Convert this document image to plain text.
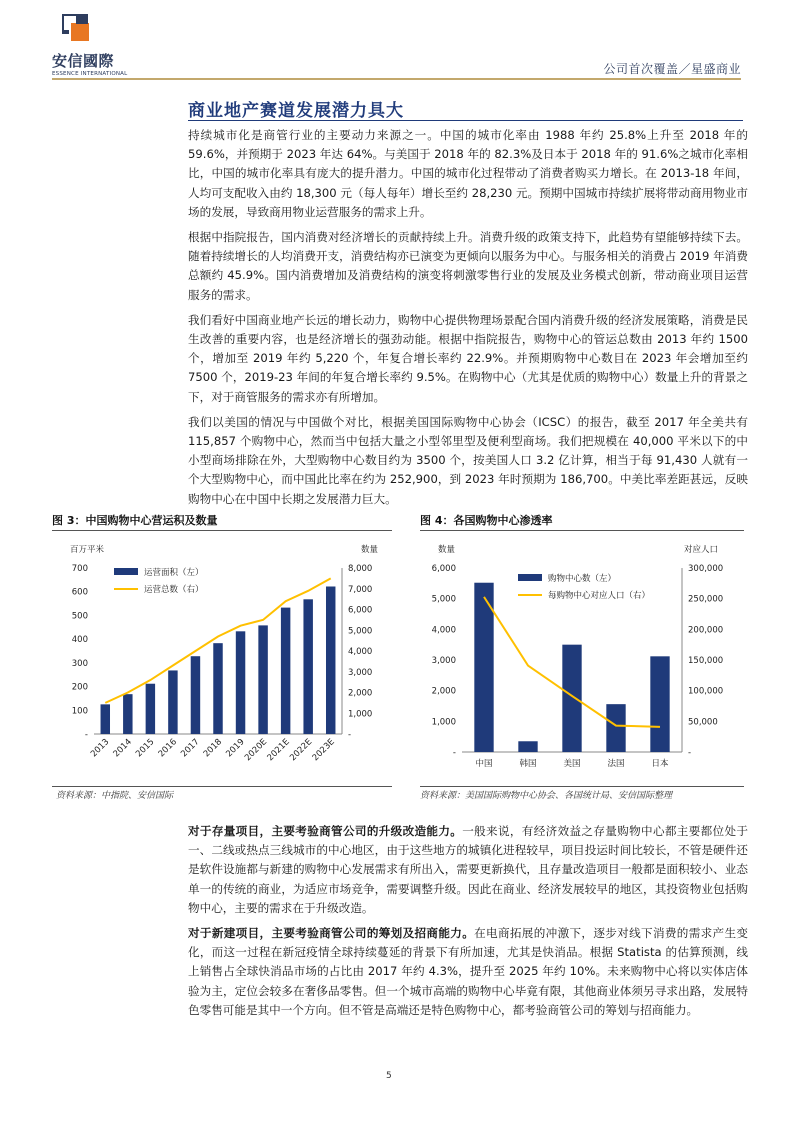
安信國際
ESSENCE INTERNATIONAL	公司首次覆盖／星盛商业
商业地产赛道发展潜力具大

持续城市化是商管行业的主要动力来源之一。中国的城市化率由 1988 年约 25.8%上升至 2018 年的 59.6%，并预期于 2023 年达 64%。与美国于 2018 年的 82.3%及日本于 2018 年的 91.6%之城市化率相比，中国的城市化率具有庞大的提升潜力。中国的城市化过程带动了消费者购买力增长。在 2013-18 年间，人均可支配收入由约 18,300 元（每人每年）增长至约 28,230 元。预期中国城市持续扩展将带动商用物业市场的发展，导致商用物业运营服务的需求上升。

根据中指院报告，国内消费对经济增长的贡献持续上升。消费升级的政策支持下，此趋势有望能够持续下去。随着持续增长的人均消费开支，消费结构亦已演变为更倾向以服务为中心。与服务相关的消费占 2019 年消费总额约 45.9%。国内消费增加及消费结构的演变将刺激零售行业的发展及业务模式创新，带动商业项目运营服务的需求。

我们看好中国商业地产长远的增长动力，购物中心提供物理场景配合国内消费升级的经济发展策略，消费是民生改善的重要内容，也是经济增长的强劲动能。根据中指院报告，购物中心的管运总数由 2013 年约 1500 个，增加至 2019 年约 5,220 个，年复合增长率约 22.9%。并预期购物中心数目在 2023 年会增加至约 7500 个，2019-23 年间的年复合增长率约 9.5%。在购物中心（尤其是优质的购物中心）数量上升的背景之下，对于商管服务的需求亦有所增加。

我们以美国的情况与中国做个对比，根据美国国际购物中心协会（ICSC）的报告，截至 2017 年全美共有 115,857 个购物中心，然而当中包括大量之小型邻里型及便利型商场。我们把规模在 40,000 平米以下的中小型商场排除在外，大型购物中心数目约为 3500 个，按美国人口 3.2 亿计算，相当于每 91,430 人就有一个大型购物中心，而中国此比率在约为 252,900，到 2023 年时预期为 186,700。中美比率差距甚远，反映购物中心在中国中长期之发展潜力巨大。

图 3：中国购物中心营运积及数量
百万平米	数量
-
100
200
300
400
500
600
700
-
1,000
2,000
3,000
4,000
5,000
6,000
7,000
8,000
2013 2014 2015 2016 2017 2018 2019
2020E
2021E
2022E
2023E
运营面积（左）
运营总数（右）
资料来源：中指院、安信国际
图 4：各国购物中心渗透率
数量	对应人口
-
1,000
2,000
3,000
4,000
5,000
6,000
-
50,000
100,000
150,000
200,000
250,000
300,000
中国	韩国	美国	法国	日本
购物中心数（左）
每购物中心对应人口（右）
资料来源：美国国际购物中心协会、各国统计局、安信国际整理

对于存量项目，主要考验商管公司的升级改造能力。一般来说，有经济效益之存量购物中心都主要都位处于一、二线或热点三线城市的中心地区，由于这些地方的城镇化进程较早，项目投运时间比较长，不管是硬件还是软件设施都与新建的购物中心发展需求有所出入，需要更新换代，且存量改造项目一般都是面积较小、业态单一的传统的商业，为适应市场竞争，需要调整升级。因此在商业、经济发展较早的地区，其投资物业包括购物中心，主要的需求在于升级改造。

对于新建项目，主要考验商管公司的筹划及招商能力。在电商拓展的冲激下，逐步对线下消费的需求产生变化，而这一过程在新冠疫情全球持续蔓延的背景下有所加速，尤其是快消品。根据 Statista 的估算预测，线上销售占全球快消品市场的占比由 2017 年约 4.3%，提升至 2025 年约 10%。未来购物中心将以实体店体验为主，定位会较多在奢侈品零售。但一个城市高端的购物中心毕竟有限，其他商业体须另寻求出路，发展特色零售可能是其中一个方向。但不管是高端还是特色购物中心，都考验商管公司的筹划与招商能力。

5
